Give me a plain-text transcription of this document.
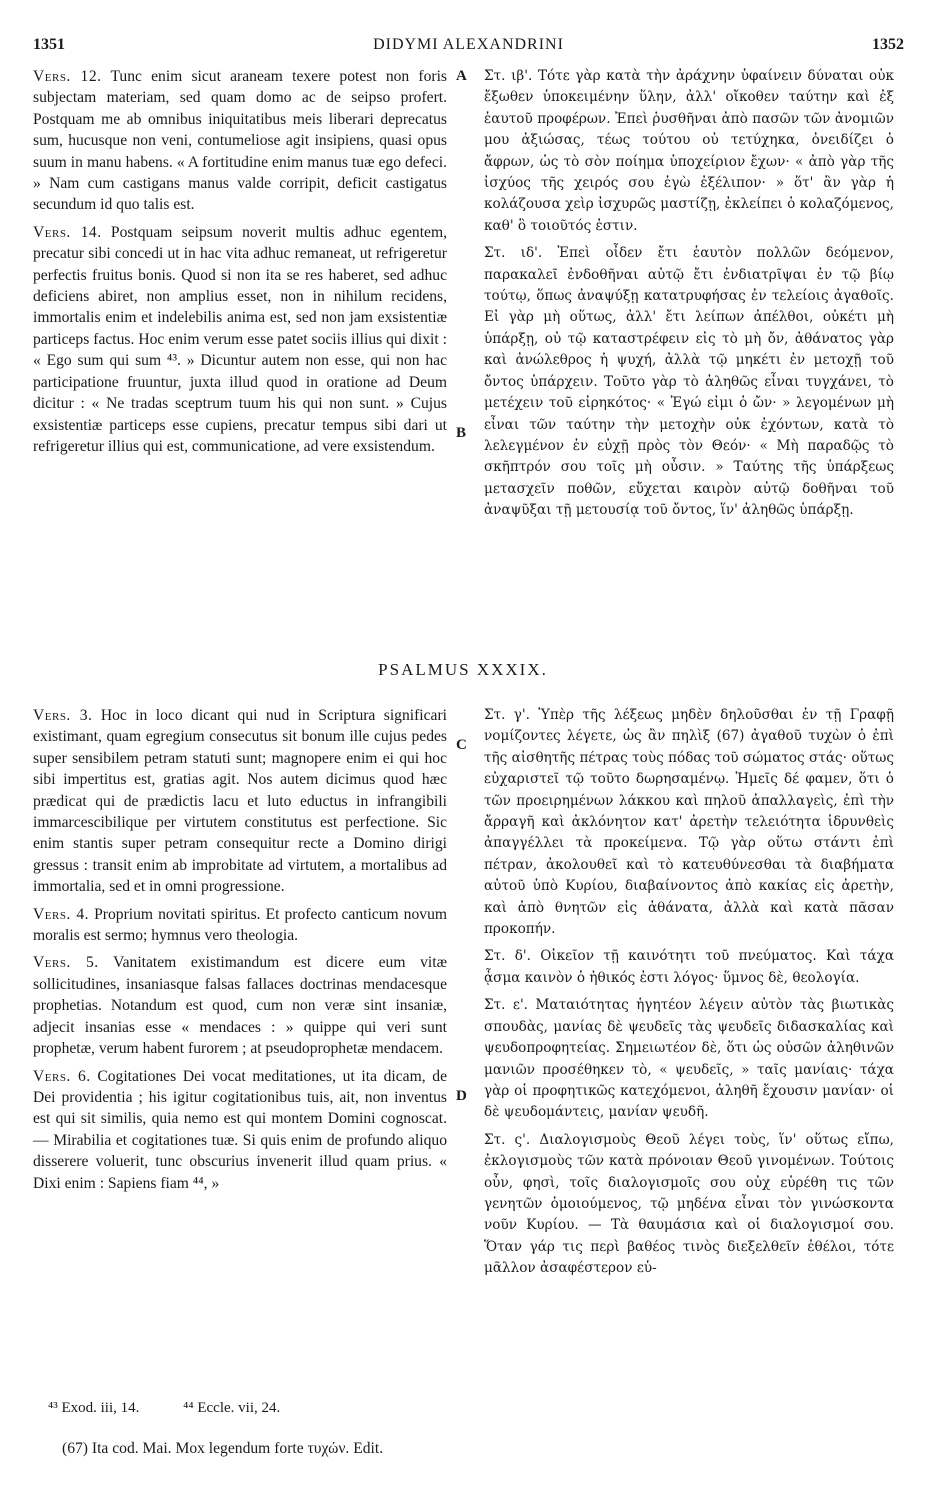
1351	DIDYMI ALEXANDRINI	1352

Vers. 12. Tunc enim sicut araneam texere potest non foris subjectam materiam, sed quam domo ac de seipso profert. Postquam me ab omnibus iniquitatibus meis liberari deprecatus sum, hucusque non veni, contumeliose agit insipiens, quasi opus suum in manu habens. « A fortitudine enim manus tuæ ego defeci. » Nam cum castigans manus valde corripit, deficit castigatus secundum id quo talis est.

Vers. 14. Postquam seipsum noverit multis adhuc egentem, precatur sibi concedi ut in hac vita adhuc remaneat, ut refrigeretur perfectis fruitus bonis. Quod si non ita se res haberet, sed adhuc deficiens abiret, non amplius esset, non in nihilum recidens, immortalis enim et indelebilis anima est, sed non jam exsistentiæ particeps factus. Hoc enim verum esse patet sociis illius qui dixit : « Ego sum qui sum ⁴³. » Dicuntur autem non esse, qui non hac participatione fruuntur, juxta illud quod in oratione ad Deum dicitur : « Ne tradas sceptrum tuum his qui non sunt. » Cujus exsistentiæ particeps esse cupiens, precatur tempus sibi dari ut refrigeretur illius qui est, communicatione, ad vere exsistendum.

A
B

Στ. ιβ'. Τότε γὰρ κατὰ τὴν ἀράχνην ὑφαίνειν δύναται οὐκ ἔξωθεν ὑποκειμένην ὕλην, ἀλλ' οἴκοθεν ταύτην καὶ ἐξ ἑαυτοῦ προφέρων. Ἐπεὶ ῥυσθῆναι ἀπὸ πασῶν τῶν ἀνομιῶν μου ἀξιώσας, τέως τούτου οὐ τετύχηκα, ὀνειδίζει ὁ ἄφρων, ὡς τὸ σὸν ποίημα ὑποχείριον ἔχων· « ἀπὸ γὰρ τῆς ἰσχύος τῆς χειρός σου ἐγὼ ἐξέλιπον· » ὅτ' ἂν γὰρ ἡ κολάζουσα χεὶρ ἰσχυρῶς μαστίζῃ, ἐκλείπει ὁ κολαζόμενος, καθ' ὃ τοιοῦτός ἐστιν.

Στ. ιδ'. Ἐπεὶ οἶδεν ἔτι ἑαυτὸν πολλῶν δεόμενον, παρακαλεῖ ἐνδοθῆναι αὐτῷ ἔτι ἐνδιατρῖψαι ἐν τῷ βίῳ τούτῳ, ὅπως ἀναψύξῃ κατατρυφήσας ἐν τελείοις ἀγαθοῖς. Εἰ γὰρ μὴ οὕτως, ἀλλ' ἔτι λείπων ἀπέλθοι, οὐκέτι μὴ ὑπάρξῃ, οὐ τῷ καταστρέφειν εἰς τὸ μὴ ὄν, ἀθάνατος γὰρ καὶ ἀνώλεθρος ἡ ψυχή, ἀλλὰ τῷ μηκέτι ἐν μετοχῇ τοῦ ὄντος ὑπάρχειν. Τοῦτο γὰρ τὸ ἀληθῶς εἶναι τυγχάνει, τὸ μετέχειν τοῦ εἰρηκότος· « Ἐγώ εἰμι ὁ ὤν· » λεγομένων μὴ εἶναι τῶν ταύτην τὴν μετοχὴν οὐκ ἐχόντων, κατὰ τὸ λελεγμένον ἐν εὐχῇ πρὸς τὸν Θεόν· « Μὴ παραδῷς τὸ σκῆπτρόν σου τοῖς μὴ οὖσιν. » Ταύτης τῆς ὑπάρξεως μετασχεῖν ποθῶν, εὔχεται καιρὸν αὐτῷ δοθῆναι τοῦ ἀναψῦξαι τῇ μετουσίᾳ τοῦ ὄντος, ἵν' ἀληθῶς ὑπάρξῃ.

PSALMUS XXXIX.

Vers. 3. Hoc in loco dicant qui nud in Scriptura significari existimant, quam egregium consecutus sit bonum ille cujus pedes super sensibilem petram statuti sunt; magnopere enim ei qui hoc sibi impertitus est, gratias agit. Nos autem dicimus quod hæc prædicat qui de prædictis lacu et luto eductus in infrangibili immarcescibilique per virtutem constitutus est perfectione. Sic enim stantis super petram consequitur recte a Domino dirigi gressus : transit enim ab improbitate ad virtutem, a mortalibus ad immortalia, sed et in omni progressione.

Vers. 4. Proprium novitati spiritus. Et profecto canticum novum moralis est sermo; hymnus vero theologia.

Vers. 5. Vanitatem existimandum est dicere eum vitæ sollicitudines, insaniasque falsas fallaces doctrinas mendacesque prophetias. Notandum est quod, cum non veræ sint insaniæ, adjecit insanias esse « mendaces : » quippe qui veri sunt prophetæ, verum habent furorem ; at pseudoprophetæ mendacem.

Vers. 6. Cogitationes Dei vocat meditationes, ut ita dicam, de Dei providentia ; his igitur cogitationibus tuis, ait, non inventus est qui sit similis, quia nemo est qui montem Domini cognoscat. — Mirabilia et cogitationes tuæ. Si quis enim de profundo aliquo disserere voluerit, tunc obscurius invenerit illud quam prius. « Dixi enim : Sapiens fiam ⁴⁴, »

C
D

Στ. γ'. Ὑπὲρ τῆς λέξεως μηδὲν δηλοῦσθαι ἐν τῇ Γραφῇ νομίζοντες λέγετε, ὡς ἂν πηλὶξ (67) ἀγαθοῦ τυχὼν ὁ ἐπὶ τῆς αἰσθητῆς πέτρας τοὺς πόδας τοῦ σώματος στάς· οὕτως εὐχαριστεῖ τῷ τοῦτο δωρησαμένῳ. Ἡμεῖς δέ φαμεν, ὅτι ὁ τῶν προειρημένων λάκκου καὶ πηλοῦ ἀπαλλαγεὶς, ἐπὶ τὴν ἄρραγῆ καὶ ἀκλόνητον κατ' ἀρετὴν τελειότητα ἱδρυνθεὶς ἀπαγγέλλει τὰ προκείμενα. Τῷ γὰρ οὕτω στάντι ἐπὶ πέτραν, ἀκολουθεῖ καὶ τὸ κατευθύνεσθαι τὰ διαβήματα αὐτοῦ ὑπὸ Κυρίου, διαβαίνοντος ἀπὸ κακίας εἰς ἀρετὴν, καὶ ἀπὸ θνητῶν εἰς ἀθάνατα, ἀλλὰ καὶ κατὰ πᾶσαν προκοπήν.

Στ. δ'. Οἰκεῖον τῇ καινότητι τοῦ πνεύματος. Καὶ τάχα ᾆσμα καινὸν ὁ ἠθικός ἐστι λόγος· ὕμνος δὲ, θεολογία.

Στ. ε'. Ματαιότητας ἡγητέον λέγειν αὐτὸν τὰς βιωτικὰς σπουδὰς, μανίας δὲ ψευδεῖς τὰς ψευδεῖς διδασκαλίας καὶ ψευδοπροφητείας. Σημειωτέον δὲ, ὅτι ὡς οὐσῶν ἀληθινῶν μανιῶν προσέθηκεν τὸ, « ψευδεῖς, » ταῖς μανίαις· τάχα γὰρ οἱ προφητικῶς κατεχόμενοι, ἀληθῆ ἔχουσιν μανίαν· οἱ δὲ ψευδομάντεις, μανίαν ψευδῆ.

Στ. ς'. Διαλογισμοὺς Θεοῦ λέγει τοὺς, ἵν' οὕτως εἴπω, ἐκλογισμοὺς τῶν κατὰ πρόνοιαν Θεοῦ γινομένων. Τούτοις οὖν, φησὶ, τοῖς διαλογισμοῖς σου οὐχ εὑρέθη τις τῶν γενητῶν ὁμοιούμενος, τῷ μηδένα εἶναι τὸν γινώσκοντα νοῦν Κυρίου. — Τὰ θαυμάσια καὶ οἱ διαλογισμοί σου. Ὅταν γάρ τις περὶ βαθέος τινὸς διεξελθεῖν ἐθέλοι, τότε μᾶλλον ἀσαφέστερον εὑ-

⁴³ Exod. iii, 14.	⁴⁴ Eccle. vii, 24.
(67) Ita cod. Mai. Mox legendum forte τυχών. Edit.
